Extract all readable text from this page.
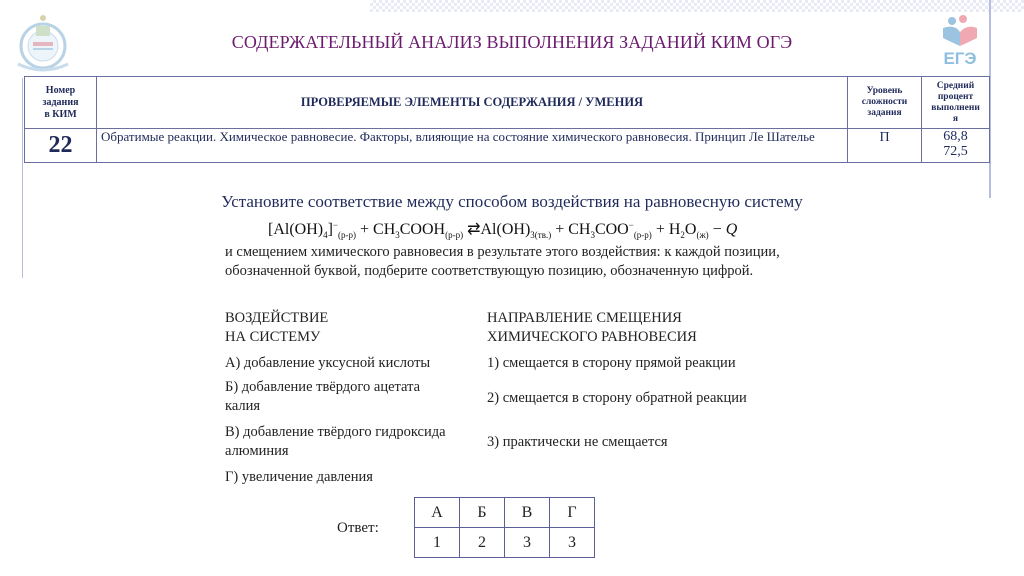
ЕГЭ
СОДЕРЖАТЕЛЬНЫЙ АНАЛИЗ ВЫПОЛНЕНИЯ ЗАДАНИЙ КИМ ОГЭ
Номер
задания
в КИМ	ПРОВЕРЯЕМЫЕ ЭЛЕМЕНТЫ СОДЕРЖАНИЯ / УМЕНИЯ	Уровень
сложности
задания	Средний
процент
выполнени
я
22	Обратимые реакции. Химическое равновесие. Факторы, влияющие на состояние химического равновесия. Принцип Ле Шателье	П	68,8
72,5
Установите соответствие между способом воздействия на равновесную систему
$[Al(OH)_4]^-_{(р-р)}$ + $CH_3COOH_{(р-р)}$ $⇄Al(OH)_{3(тв.)} + CH_3COO^-_{(р-р)} + H_2O_{(ж)} - Q$
и смещением химического равновесия в результате этого воздействия: к каждой позиции, обозначенной буквой, подберите соответствующую позицию, обозначенную цифрой.
ВОЗДЕЙСТВИЕ
НА СИСТЕМУ
А) добавление уксусной кислоты
Б) добавление твёрдого ацетата калия
В) добавление твёрдого гидроксида алюминия
Г) увеличение давления
НАПРАВЛЕНИЕ СМЕЩЕНИЯ
ХИМИЧЕСКОГО РАВНОВЕСИЯ
1) смещается в сторону прямой реакции
2) смещается в сторону обратной реакции
3) практически не смещается
Ответ:
А	Б	В	Г
1	2	3	3
